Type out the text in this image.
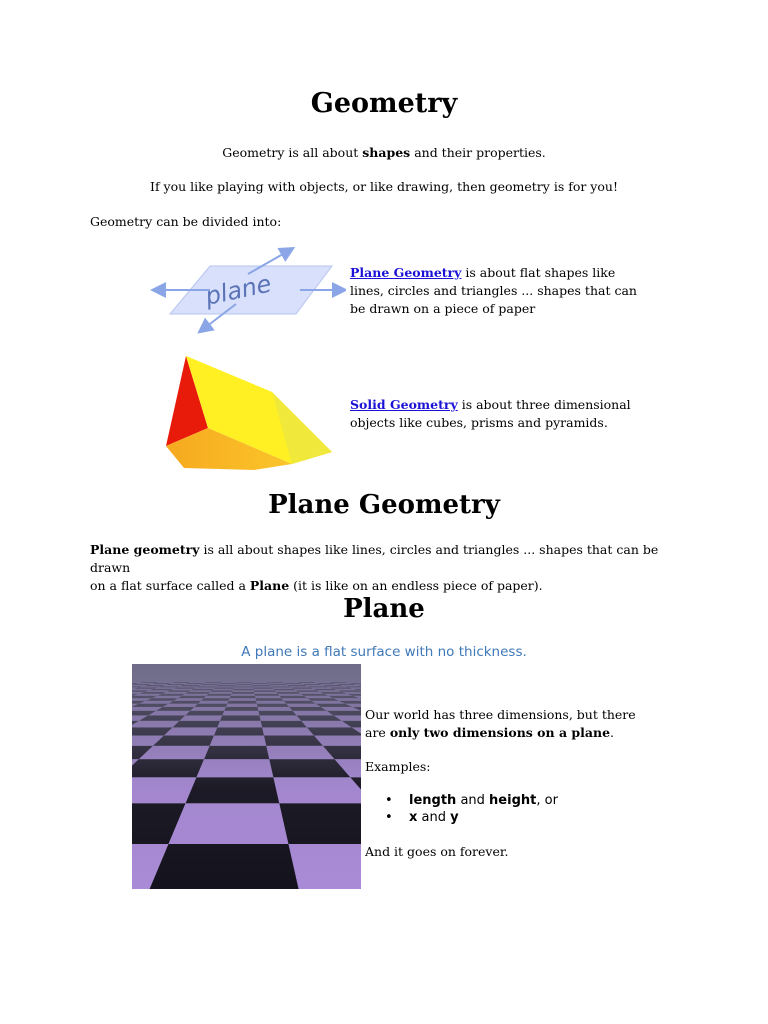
Geometry
Geometry is all about shapes and their properties.
If you like playing with objects, or like drawing, then geometry is for you!
Geometry can be divided into:
plane	Plane Geometry is about flat shapes like
lines, circles and triangles ... shapes that can
be drawn on a piece of paper
Solid Geometry is about three dimensional
objects like cubes, prisms and pyramids.
Plane Geometry
Plane geometry is all about shapes like lines, circles and triangles ... shapes that can be drawn
on a flat surface called a Plane (it is like on an endless piece of paper).
Plane
A plane is a flat surface with no thickness.
Our world has three dimensions, but there
are only two dimensions on a plane.
Examples:
• length and height, or
• x and y
And it goes on forever.
